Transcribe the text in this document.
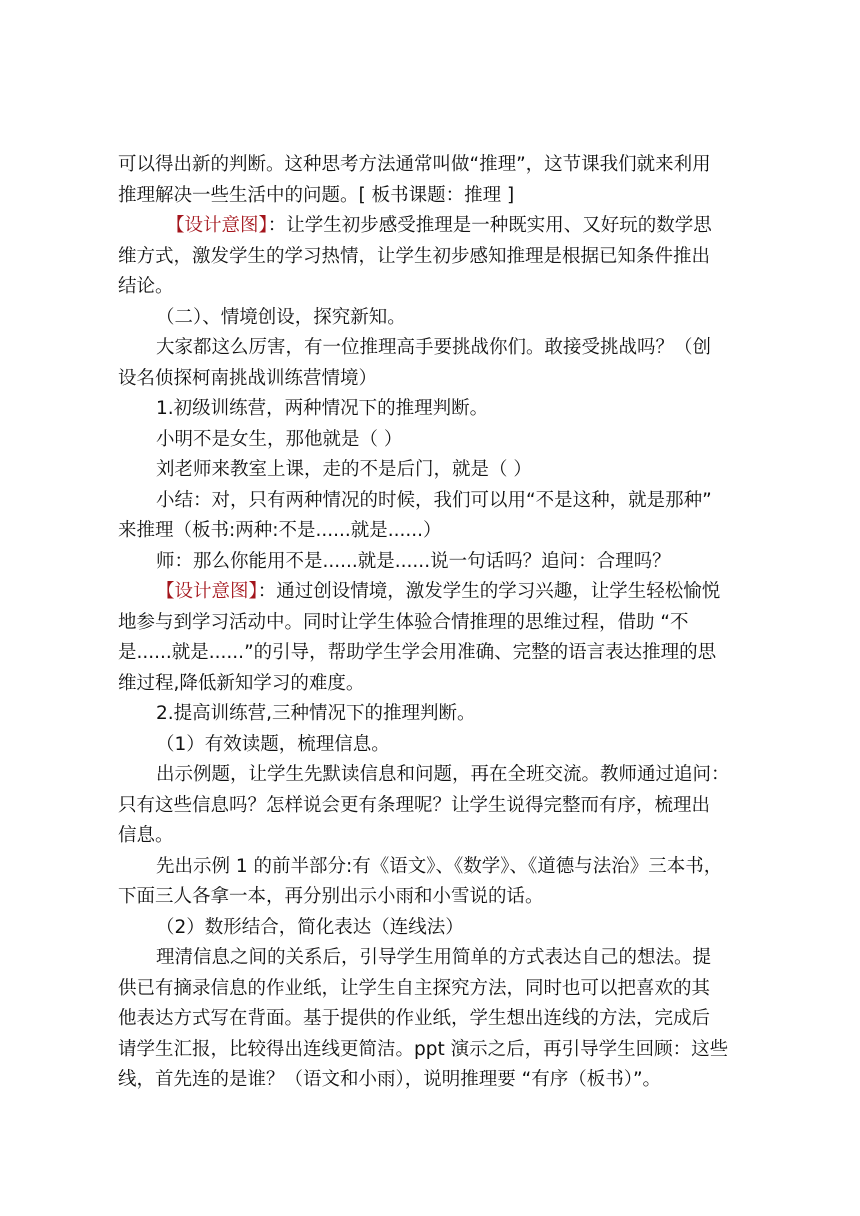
可以得出新的判断。这种思考方法通常叫做“推理”，这节课我们就来利用
推理解决一些生活中的问题。[ 板书课题：推理 ]
【设计意图】：让学生初步感受推理是一种既实用、又好玩的数学思
维方式，激发学生的学习热情，让学生初步感知推理是根据已知条件推出
结论。
（二）、情境创设，探究新知。
大家都这么厉害，有一位推理高手要挑战你们。敢接受挑战吗？（创
设名侦探柯南挑战训练营情境）
1.初级训练营，两种情况下的推理判断。
小明不是女生，那他就是（ ）
刘老师来教室上课，走的不是后门，就是（ ）
小结：对，只有两种情况的时候，我们可以用“不是这种，就是那种”
来推理（板书:两种:不是......就是......）
师：那么你能用不是......就是......说一句话吗？追问：合理吗？
【设计意图】：通过创设情境，激发学生的学习兴趣，让学生轻松愉悦
地参与到学习活动中。同时让学生体验合情推理的思维过程，借助 “不
是......就是......”的引导，帮助学生学会用准确、完整的语言表达推理的思
维过程,降低新知学习的难度。
2.提高训练营,三种情况下的推理判断。
（1）有效读题，梳理信息。
出示例题，让学生先默读信息和问题，再在全班交流。教师通过追问：
只有这些信息吗？怎样说会更有条理呢？让学生说得完整而有序，梳理出
信息。
先出示例 1 的前半部分:有《语文》、《数学》、《道德与法治》三本书，
下面三人各拿一本，再分别出示小雨和小雪说的话。
（2）数形结合，简化表达（连线法）
理清信息之间的关系后，引导学生用简单的方式表达自己的想法。提
供已有摘录信息的作业纸，让学生自主探究方法，同时也可以把喜欢的其
他表达方式写在背面。基于提供的作业纸，学生想出连线的方法，完成后
请学生汇报，比较得出连线更简洁。ppt 演示之后，再引导学生回顾：这些
线，首先连的是谁？（语文和小雨），说明推理要 “有序（板书）”。
